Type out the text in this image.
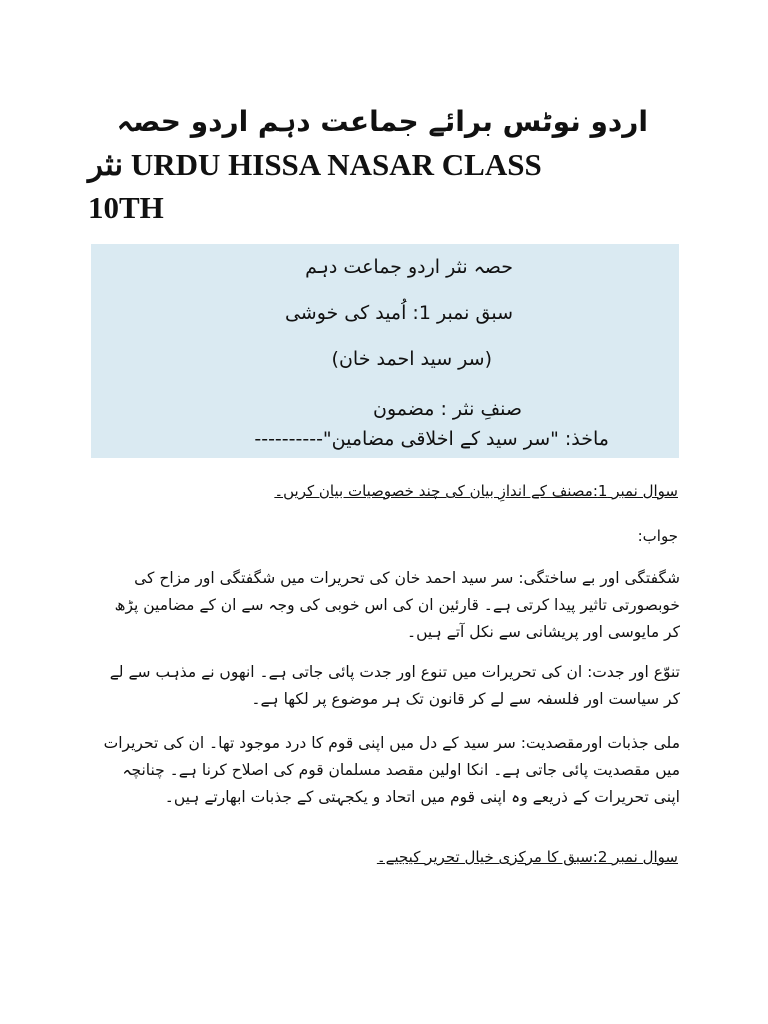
اردو نوٹس برائے جماعت دہم اردو حصہ
نثر URDU HISSA NASAR CLASS
10TH
حصہ نثر اردو جماعت دہم
سبق نمبر 1: اُمید کی خوشی
(سر سید احمد خان)
صنفِ نثر : مضمون
ماخذ: "سر سید کے اخلاقی مضامین"----------
سوال نمبر 1:مصنف کے اندازِ بیان کی چند خصوصیات بیان کریں۔
جواب:
شگفتگی اور بے ساختگی: سر سید احمد خان کی تحریرات میں شگفتگی اور مزاح کی خوبصورتی تاثیر پیدا کرتی ہے۔ قارئین ان کی اس خوبی کی وجہ سے ان کے مضامین پڑھ کر مایوسی اور پریشانی سے نکل آتے ہیں۔
تنوّع اور جدت: ان کی تحریرات میں تنوع اور جدت پائی جاتی ہے۔ انھوں نے مذہب سے لے کر سیاست اور فلسفہ سے لے کر قانون تک ہر موضوع پر لکھا ہے۔
ملی جذبات اورمقصدیت: سر سید کے دل میں اپنی قوم کا درد موجود تھا۔ ان کی تحریرات میں مقصدیت پائی جاتی ہے۔ انکا اولین مقصد مسلمان قوم کی اصلاح کرنا ہے۔ چنانچہ اپنی تحریرات کے ذریعے وہ اپنی قوم میں اتحاد و یکجہتی کے جذبات ابھارتے ہیں۔
سوال نمبر 2:سبق کا مرکزی خیال تحریر کیجیے۔
